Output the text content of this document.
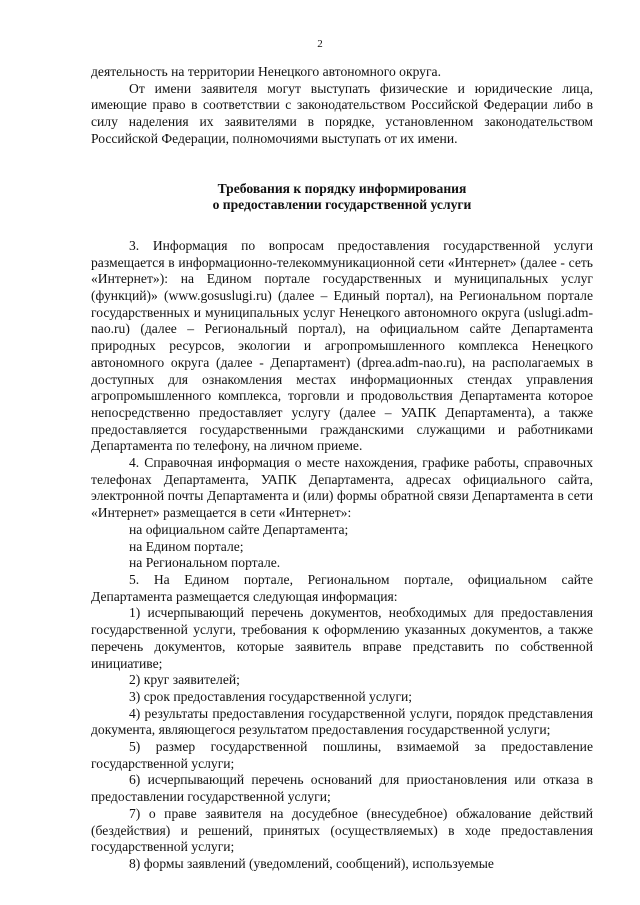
2

деятельность на территории Ненецкого автономного округа.

От имени заявителя могут выступать физические и юридические лица, имеющие право в соответствии с законодательством Российской Федерации либо в силу наделения их заявителями в порядке, установленном законодательством Российской Федерации, полномочиями выступать от их имени.

Требования к порядку информирования

о предоставлении государственной услуги

3. Информация по вопросам предоставления государственной услуги размещается в информационно-телекоммуникационной сети «Интернет» (далее - сеть «Интернет»): на Едином портале государственных и муниципальных услуг (функций)» (www.gosuslugi.ru) (далее – Единый портал), на Региональном портале государственных и муниципальных услуг Ненецкого автономного округа (uslugi.adm-nao.ru) (далее – Региональный портал), на официальном сайте Департамента природных ресурсов, экологии и агропромышленного комплекса Ненецкого автономного округа (далее - Департамент) (dprea.adm-nao.ru), на располагаемых в доступных для ознакомления местах информационных стендах управления агропромышленного комплекса, торговли и продовольствия Департамента которое непосредственно предоставляет услугу (далее – УАПК Департамента), а также предоставляется государственными гражданскими служащими и работниками Департамента по телефону, на личном приеме.

4. Справочная информация о месте нахождения, графике работы, справочных телефонах Департамента, УАПК Департамента, адресах официального сайта, электронной почты Департамента и (или) формы обратной связи Департамента в сети «Интернет» размещается в сети «Интернет»:

на официальном сайте Департамента;

на Едином портале;

на Региональном портале.

5. На Едином портале, Региональном портале, официальном сайте Департамента размещается следующая информация:

1) исчерпывающий перечень документов, необходимых для предоставления государственной услуги, требования к оформлению указанных документов, а также перечень документов, которые заявитель вправе представить по собственной инициативе;

2) круг заявителей;

3) срок предоставления государственной услуги;

4) результаты предоставления государственной услуги, порядок представления документа, являющегося результатом предоставления государственной услуги;

5) размер государственной пошлины, взимаемой за предоставление государственной услуги;

6) исчерпывающий перечень оснований для приостановления или отказа в предоставлении государственной услуги;

7) о праве заявителя на досудебное (внесудебное) обжалование действий (бездействия) и решений, принятых (осуществляемых) в ходе предоставления государственной услуги;

8) формы заявлений (уведомлений, сообщений), используемые
